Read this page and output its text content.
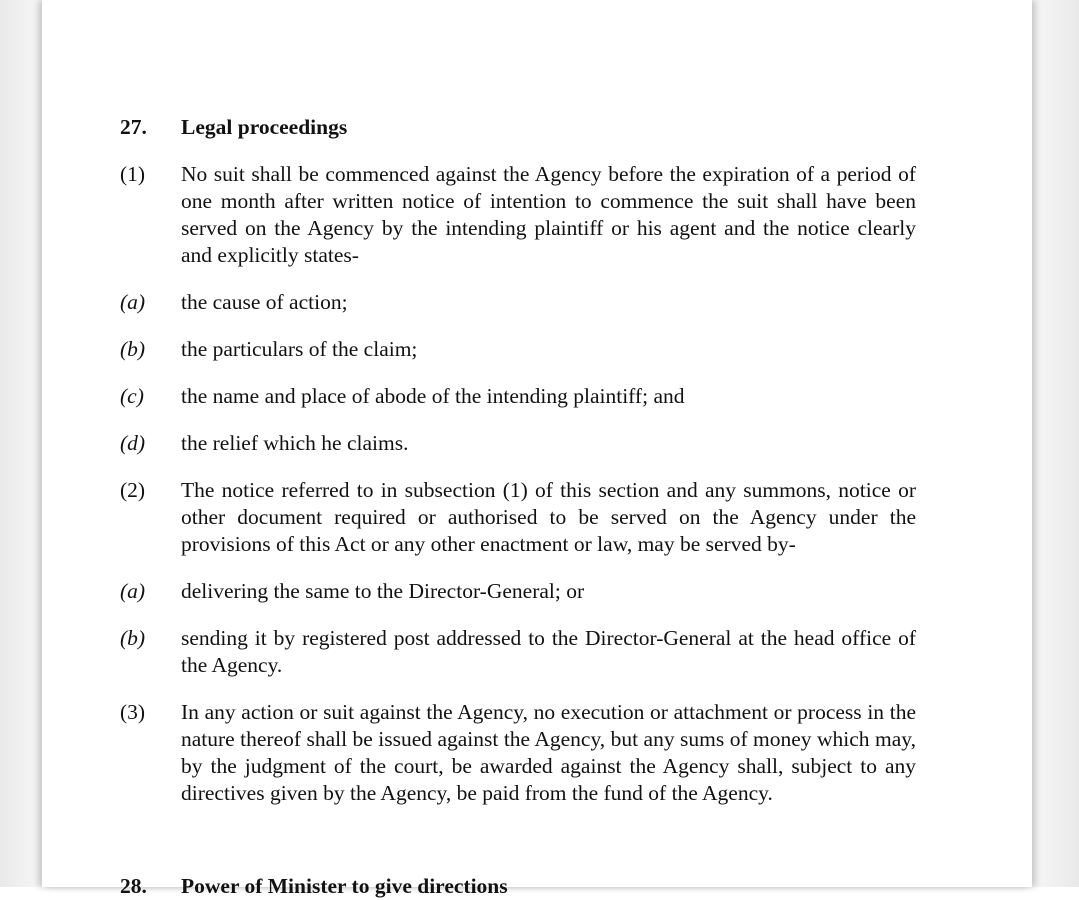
27. Legal proceedings
(1) No suit shall be commenced against the Agency before the expiration of a period of one month after written notice of intention to commence the suit shall have been served on the Agency by the intending plaintiff or his agent and the notice clearly and explicitly states-
(a) the cause of action;
(b) the particulars of the claim;
(c) the name and place of abode of the intending plaintiff; and
(d) the relief which he claims.
(2) The notice referred to in subsection (1) of this section and any summons, notice or other document required or authorised to be served on the Agency under the provisions of this Act or any other enactment or law, may be served by-
(a) delivering the same to the Director-General; or
(b) sending it by registered post addressed to the Director-General at the head office of the Agency.
(3) In any action or suit against the Agency, no execution or attachment or process in the nature thereof shall be issued against the Agency, but any sums of money which may, by the judgment of the court, be awarded against the Agency shall, subject to any directives given by the Agency, be paid from the fund of the Agency.
28. Power of Minister to give directions
